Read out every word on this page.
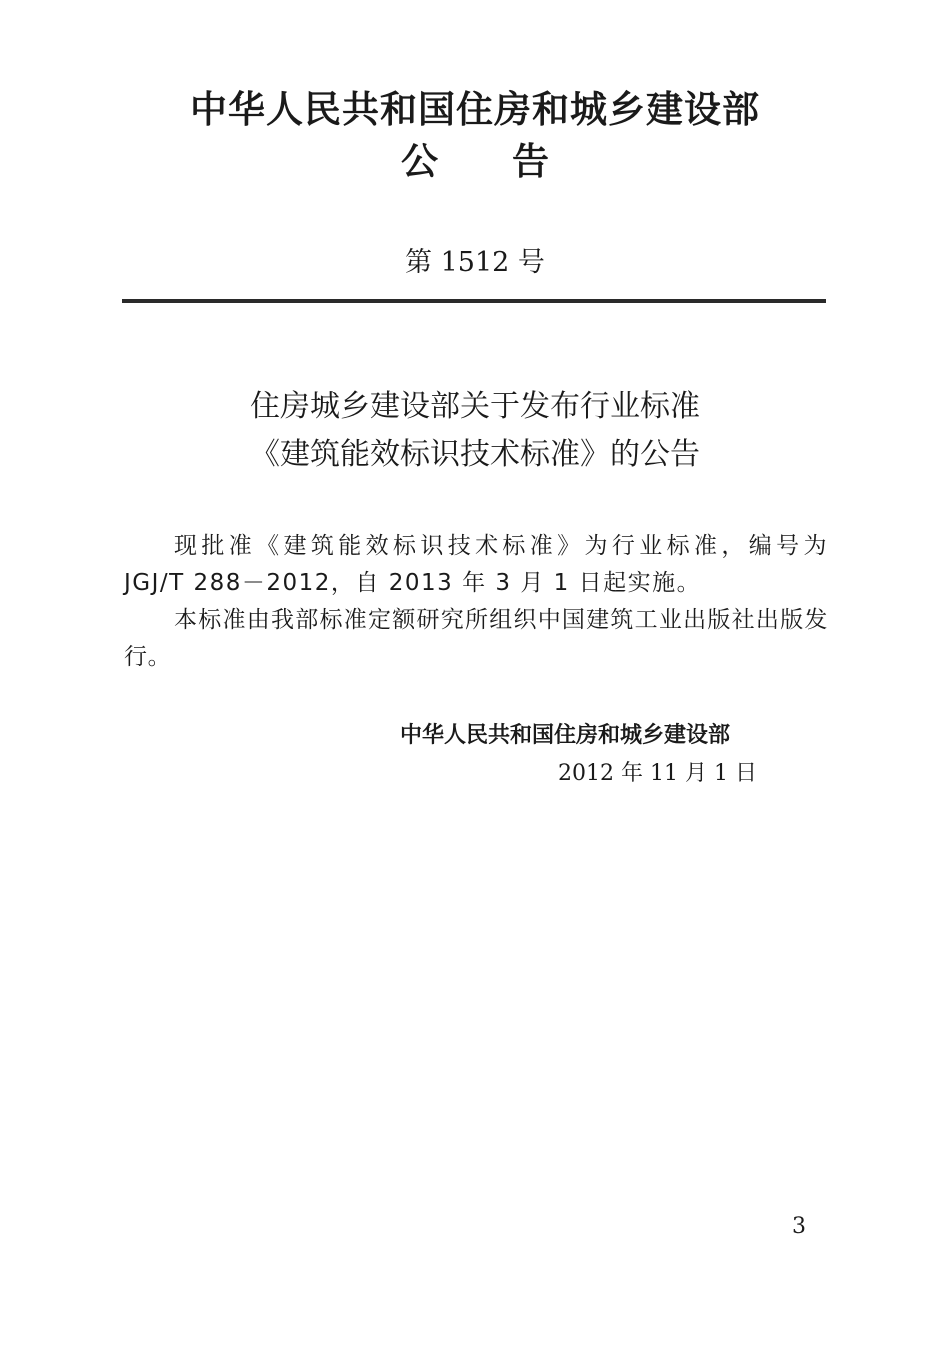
中华人民共和国住房和城乡建设部
公　　告
第 1512 号
住房城乡建设部关于发布行业标准
《建筑能效标识技术标准》的公告

现批准《建筑能效标识技术标准》为行业标准，编号为 JGJ/T 288－2012，自 2013 年 3 月 1 日起实施。

本标准由我部标准定额研究所组织中国建筑工业出版社出版发行。

中华人民共和国住房和城乡建设部
2012 年 11 月 1 日
3
